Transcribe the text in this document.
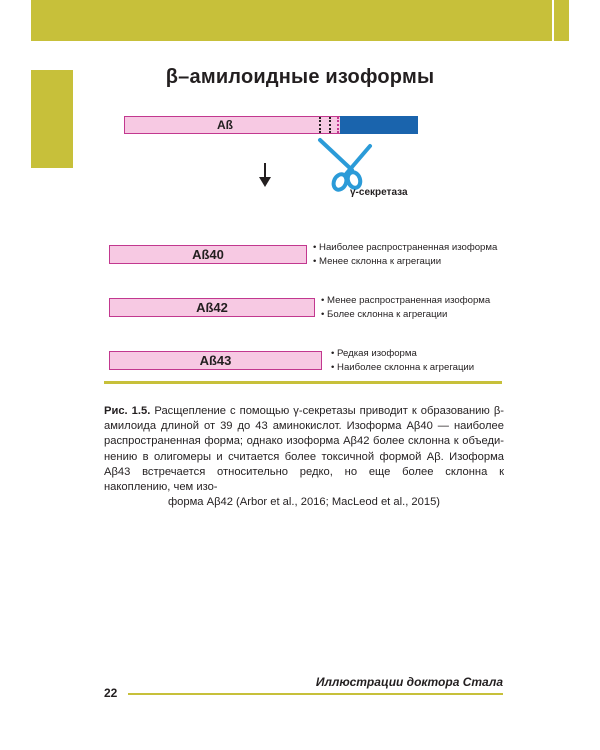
β–амилоидные изоформы
Aß
γ-секретаза
Aß40	• Наиболее распространенная изоформа
• Менее склонна к агрегации
Aß42	• Менее распространенная изоформа
• Более склонна к агрегации
Aß43	• Редкая изоформа
• Наиболее склонна к агрегации
Рис. 1.5. Расщепление с помощью γ-секретазы приводит к образованию β-амилоида длиной от 39 до 43 аминокислот. Изоформа Aβ40 — наиболее распространенная форма; однако изоформа Aβ42 более склонна к объеди-нению в олигомеры и считается более токсичной формой Aβ. Изоформа Aβ43 встречается относительно редко, но еще более склонна к накоплению, чем изо-
форма Aβ42 (Arbor et al., 2016; MacLeod et al., 2015)
Иллюстрации доктора Стала
22
